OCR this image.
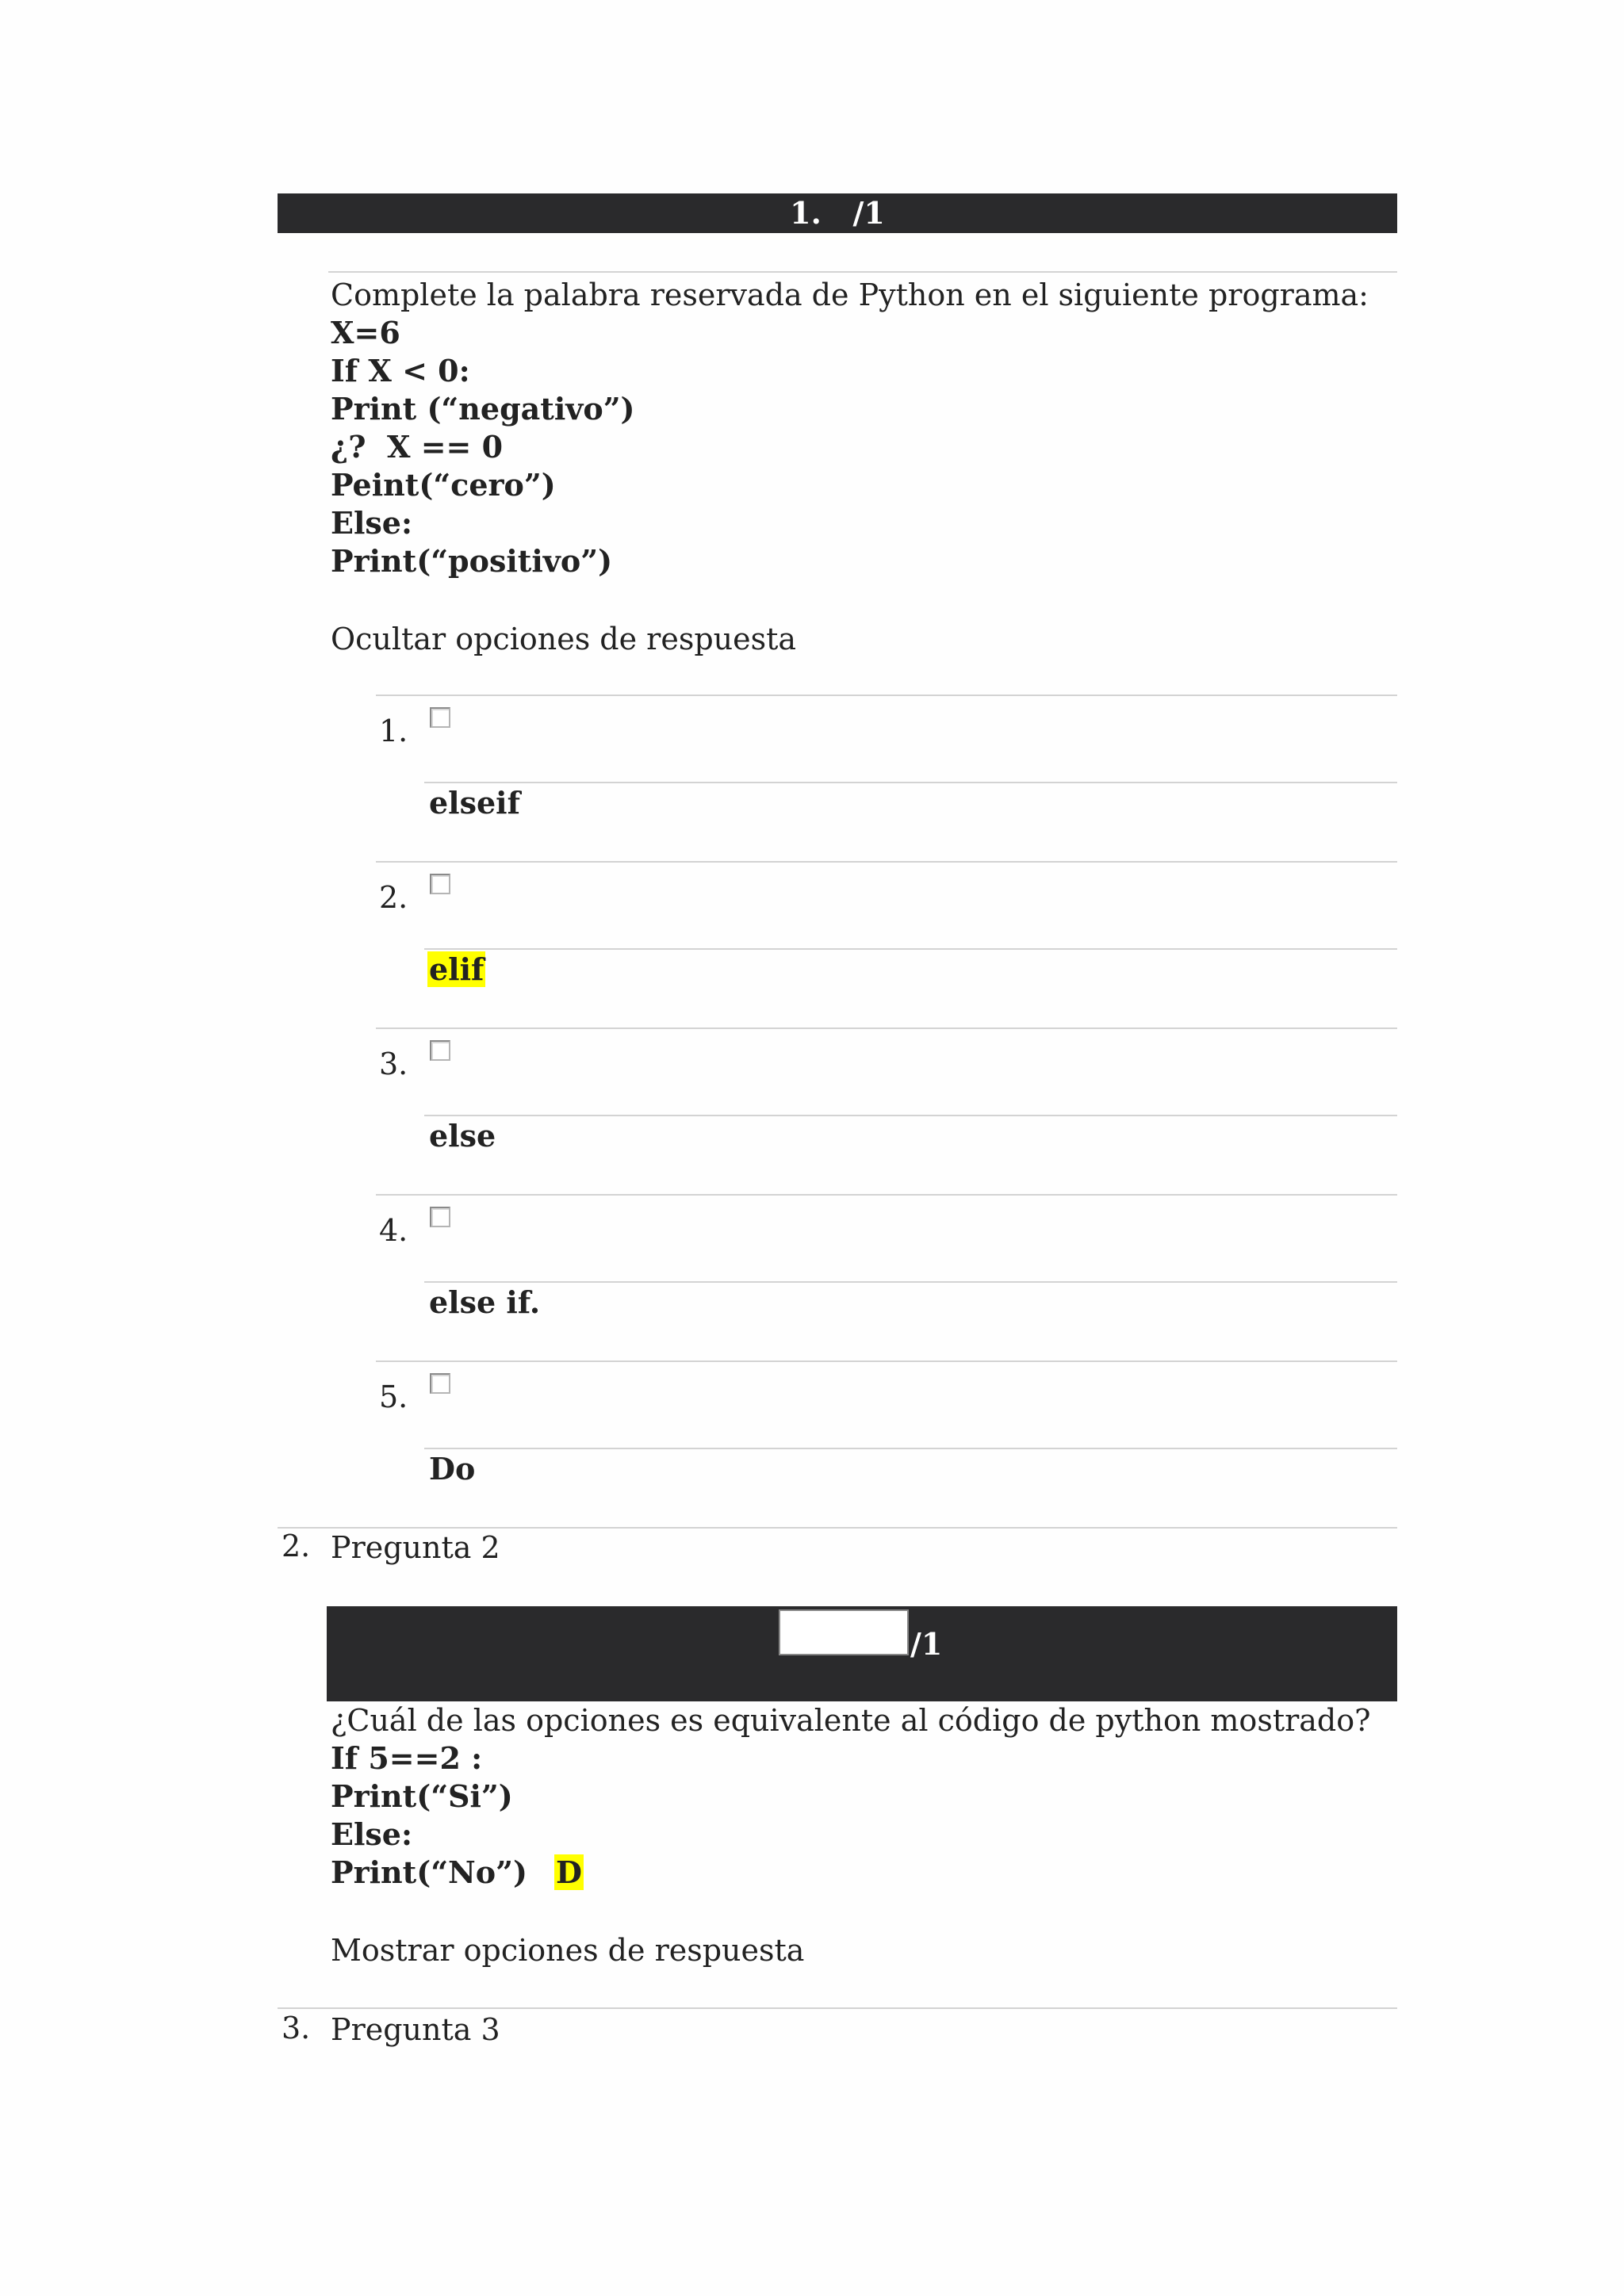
1.   /1
Complete la palabra reservada de Python en el siguiente programa:
X=6
If X < 0:
Print (“negativo”)
¿?  X == 0
Peint(“cero”)
Else:
Print(“positivo”)
Ocultar opciones de respuesta
1.
elseif
2.
elif
3.
else
4.
else if.
5.
Do
2. Pregunta 2
/1
¿Cuál de las opciones es equivalente al código de python mostrado?
If 5==2 :
Print(“Si”)
Else:
Print(“No”) D
Mostrar opciones de respuesta
3. Pregunta 3
